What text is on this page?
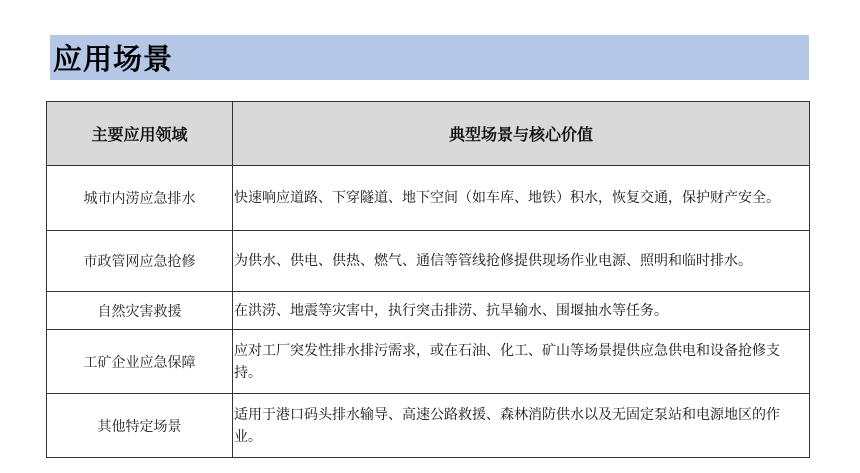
应用场景
主要应用领域	典型场景与核心价值
城市内涝应急排水	快速响应道路、下穿隧道、地下空间（如车库、地铁）积水，恢复交通，保护财产安全。
市政管网应急抢修	为供水、供电、供热、燃气、通信等管线抢修提供现场作业电源、照明和临时排水。
自然灾害救援	在洪涝、地震等灾害中，执行突击排涝、抗旱输水、围堰抽水等任务。
工矿企业应急保障	应对工厂突发性排水排污需求，或在石油、化工、矿山等场景提供应急供电和设备抢修支持。
其他特定场景	适用于港口码头排水输导、高速公路救援、森林消防供水以及无固定泵站和电源地区的作业。
